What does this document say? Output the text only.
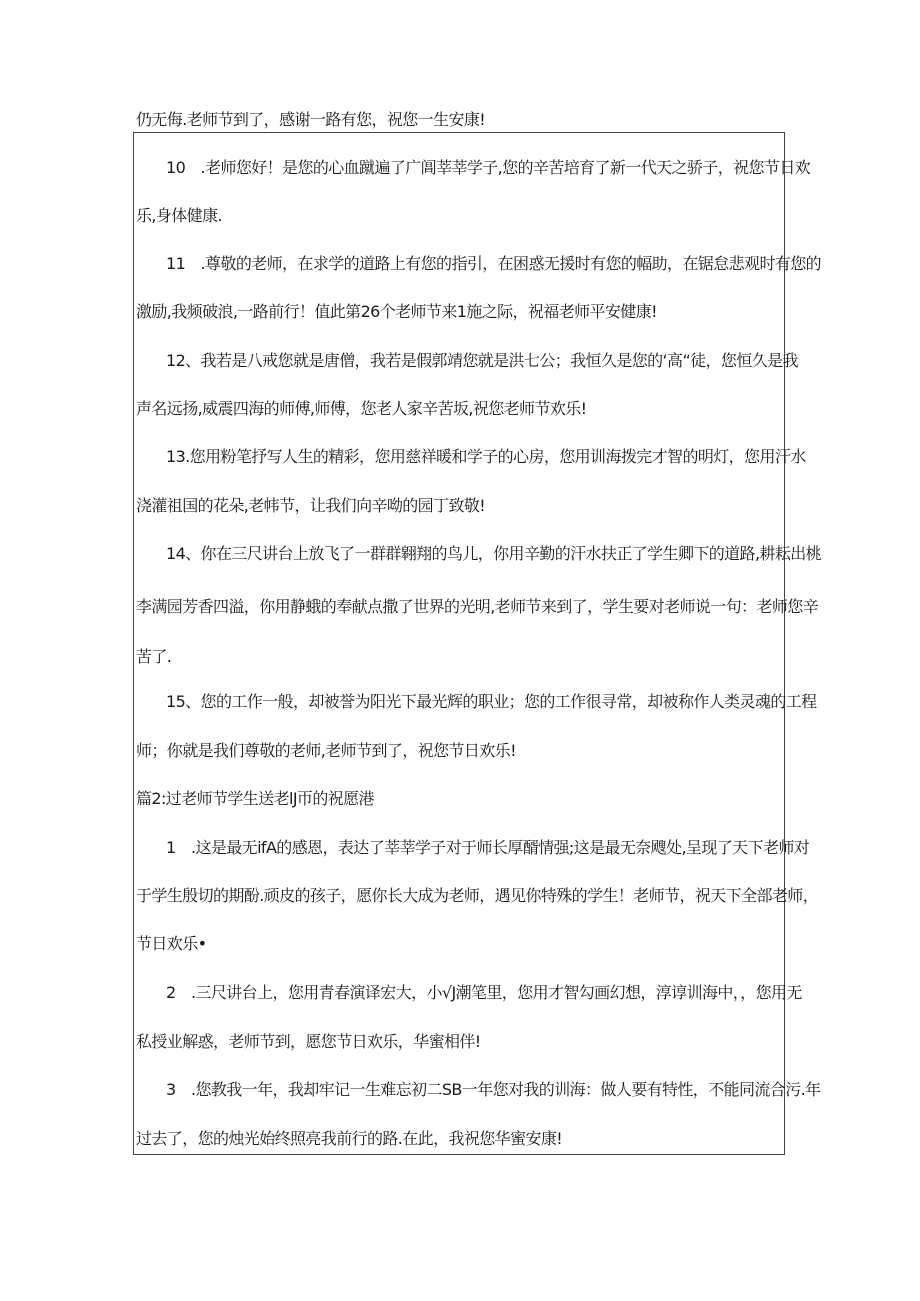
仍无侮.老师节到了，感谢一路有您，祝您一生安康!
10　.老师您好！是您的心血蹴遍了广阊莘莘学子,您的辛苦培育了新一代天之骄子，祝您节日欢
乐,身体健康.
11　.尊敬的老师，在求学的道路上有您的指引，在困惑无援时有您的幅助，在锯怠悲观时有您的
激励,我频破浪,一路前行！值此第26个老师节来1施之际，祝福老师平安健康!
12、我若是八戒您就是唐僧，我若是假郭靖您就是洪七公；我恒久是您的‘高“徒，您恒久是我
声名远扬,威震四海的师傅,师傅，您老人家辛苦坂,祝您老师节欢乐!
13.您用粉笔抒写人生的精彩，您用慈祥暖和学子的心房，您用训海拨完才智的明灯，您用汗水
浇灌祖国的花朵,老帏节，让我们向辛呦的园丁致敬!
14、你在三尺讲台上放飞了一群群翱翔的鸟儿，你用辛勤的汗水扶正了学生卿下的道路,耕耘出桃
李满园芳香四溢，你用静蛾的奉献点撒了世界的光明,老师节来到了，学生要对老师说一句：老师您辛
苦了.
15、您的工作一般，却被誉为阳光下最光辉的职业；您的工作很寻常，却被称作人类灵魂的工程
师；你就是我们尊敬的老师,老师节到了，祝您节日欢乐!
篇2:过老师节学生送老lJ帀的祝愿港
1　.这是最无ifA的感恩，表达了莘莘学子对于师长厚醑情强;这是最无奈飕处,呈现了天下老师对
于学生殷切的期酚.顽皮的孩子，愿你长大成为老师，遇见你特殊的学生！老师节，祝天下全部老师，
节日欢乐•
2　.三尺讲台上，您用青春演译宏大，小√J潮笔里，您用才智勾画幻想，淳谆训海中，，您用无
私授业解惑，老师节到，愿您节日欢乐，华蜜相伴!
3　.您教我一年，我却牢记一生难忘初二SB一年您对我的训海：做人要有特性，不能同流合污.年
过去了，您的烛光始终照亮我前行的路.在此，我祝您华蜜安康!
